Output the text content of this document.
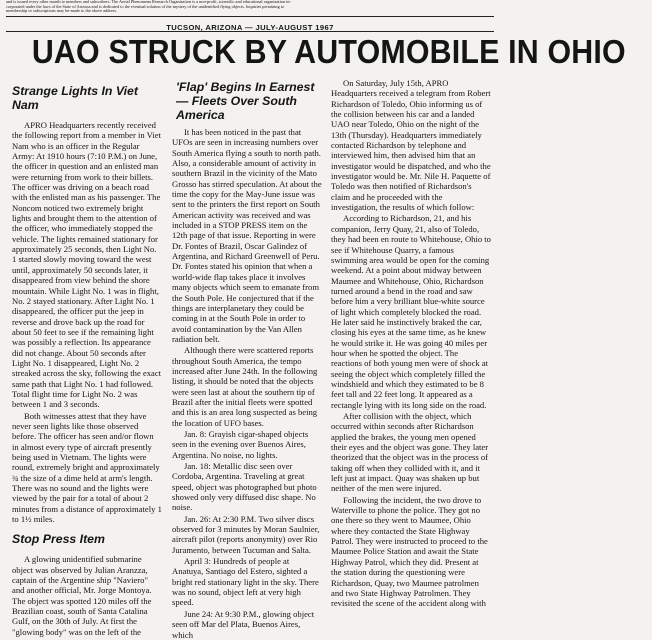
and is issued every other month to members and subscribers. The Aerial Phenomena Research Organization is a non-profit, scientific and educational organization in-
corporated under the laws of the State of Arizona and is dedicated to the eventual solution of the mystery of the unidentified flying objects. Inquiries pertaining to
membership or subscriptions may be-made to the above address.
TUCSON, ARIZONA — JULY-AUGUST 1967
UAO STRUCK BY AUTOMOBILE IN OHIO
Strange Lights In Viet Nam

APRO Headquarters recently received the following report from a member in Viet Nam who is an officer in the Regular Army: At 1910 hours (7:10 P.M.) on June, the officer in question and an enlisted man were returning from work to their billets. The officer was driving on a beach road with the enlisted man as his passenger. The Noncom noticed two extremely bright lights and brought them to the attention of the officer, who immediately stopped the vehicle. The lights remained stationary for approximately 25 seconds, then Light No. 1 started slowly moving toward the west until, approximately 50 seconds later, it disappeared from view behind the shore mountain. While Light No. 1 was in flight, No. 2 stayed stationary. After Light No. 1 disappeared, the officer put the jeep in reverse and drove back up the road for about 50 feet to see if the remaining light was possibly a reflection. Its appearance did not change. About 50 seconds after Light No. 1 disappeared, Light No. 2 streaked across the sky, following the exact same path that Light No. 1 had followed. Total flight time for Light No. 2 was between 1 and 3 seconds.

Both witnesses attest that they have never seen lights like those observed before. The officer has seen and/or flown in almost every type of aircraft presently being used in Vietnam. The lights were round, extremely bright and approximately ¾ the size of a dime held at arm's length. There was no sound and the lights were viewed by the pair for a total of about 2 minutes from a distance of approximately 1 to 1½ miles.

Stop Press Item

A glowing unidentified submarine object was observed by Julian Aranzza, captain of the Argentine ship "Naviero" and another official, Mr. Jorge Montoya. The object was spotted 120 miles off the Brazilian coast, south of Santa Catalina Gulf, on the 30th of July. At first the "glowing body" was on the left of the

'Flap' Begins In Earnest— Fleets Over South America

It has been noticed in the past that UFOs are seen in increasing numbers over South America flying a south to north path. Also, a considerable amount of activity in southern Brazil in the vicinity of the Mato Grosso has stirred speculation. At about the time the copy for the May-June issue was sent to the printers the first report on South American activity was received and was included in a STOP PRESS item on the 12th page of that issue. Reporting in were Dr. Fontes of Brazil, Oscar Galindez of Argentina, and Richard Greenwell of Peru. Dr. Fontes stated his opinion that when a world-wide flap takes place it involves many objects which seem to emanate from the South Pole. He conjectured that if the things are interplanetary they could be coming in at the South Pole in order to avoid contamination by the Van Allen radiation belt.

Although there were scattered reports throughout South America, the tempo increased after June 24th. In the following listing, it should be noted that the objects were seen last at about the southern tip of Brazil after the initial fleets were spotted and this is an area long suspected as being the location of UFO bases.

Jan. 8: Grayish cigar-shaped objects seen in the evening over Buenos Aires, Argentina. No noise, no lights.

Jan. 18: Metallic disc seen over Cordoba, Argentina. Traveling at great speed, object was photographed but photo showed only very diffused disc shape. No noise.

Jan. 26: At 2:30 P.M. Two silver discs observed for 3 minutes by Moran Saulnier, aircraft pilot (reports anonymity) over Rio Juramento, between Tucuman and Salta.

April 3: Hundreds of people at Anatuya, Santiago del Estero, sighted a bright red stationary light in the sky. There was no sound, object left at very high speed.

June 24: At 9:30 P.M., glowing object seen off Mar del Plata, Buenos Aires, which

On Saturday, July 15th, APRO Headquarters received a telegram from Robert Richardson of Toledo, Ohio informing us of the collision between his car and a landed UAO near Toledo, Ohio on the night of the 13th (Thursday). Headquarters immediately contacted Richardson by telephone and interviewed him, then advised him that an investigator would be dispatched, and who the investigator would be. Mr. Nile H. Paquette of Toledo was then notified of Richardson's claim and he proceeded with the investigation, the results of which follow:

According to Richardson, 21, and his companion, Jerry Quay, 21, also of Toledo, they had been en route to Whitehouse, Ohio to see if Whitehouse Quarry, a famous swimming area would be open for the coming weekend. At a point about midway between Maumee and Whitehouse, Ohio, Richardson turned around a bend in the road and saw before him a very brilliant blue-white source of light which completely blocked the road. He later said he instinctively braked the car, closing his eyes at the same time, as he knew he would strike it. He was going 40 miles per hour when he spotted the object. The reactions of both young men were of shock at seeing the object which completely filled the windshield and which they estimated to be 8 feet tall and 22 feet long. It appeared as a rectangle lying with its long side on the road.

After collision with the object, which occurred within seconds after Richardson applied the brakes, the young men opened their eyes and the object was gone. They later theorized that the object was in the process of taking off when they collided with it, and it left just at impact. Quay was shaken up but neither of the men were injured.

Following the incident, the two drove to Waterville to phone the police. They got no one there so they went to Maumee, Ohio where they contacted the State Highway Patrol. They were instructed to proceed to the Maumee Police Station and await the State Highway Patrol, which they did. Present at the station during the questioning were Richardson, Quay, two Maumee patrolmen and two State Highway Patrolmen. They revisited the scene of the accident along with
